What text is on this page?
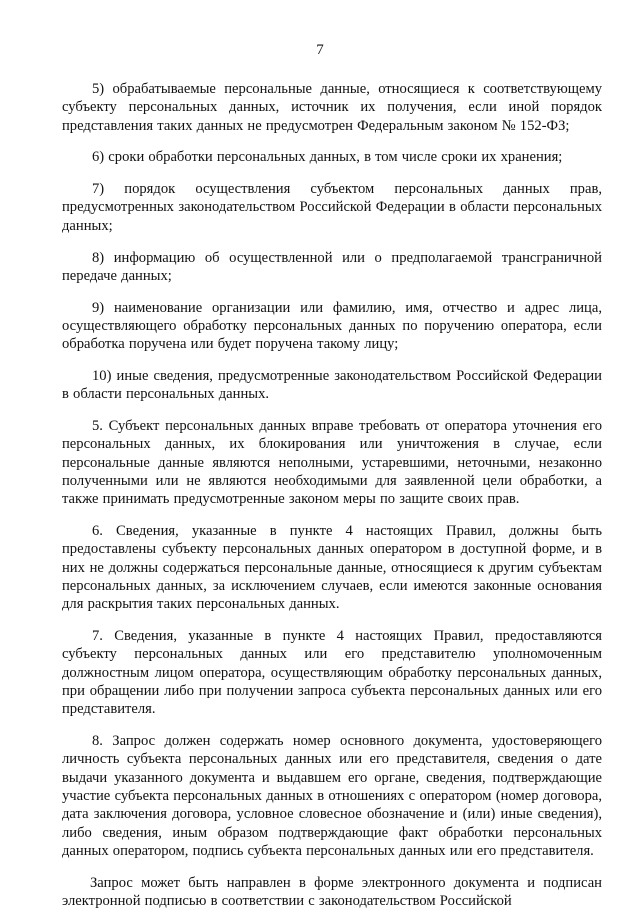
7

5) обрабатываемые персональные данные, относящиеся к соответствующему субъекту персональных данных, источник их получения, если иной порядок представления таких данных не предусмотрен Федеральным законом № 152-ФЗ;

6) сроки обработки персональных данных, в том числе сроки их хранения;

7) порядок осуществления субъектом персональных данных прав, предусмотренных законодательством Российской Федерации в области персональных данных;

8) информацию об осуществленной или о предполагаемой трансграничной передаче данных;

9) наименование организации или фамилию, имя, отчество и адрес лица, осуществляющего обработку персональных данных по поручению оператора, если обработка поручена или будет поручена такому лицу;

10) иные сведения, предусмотренные законодательством Российской Федерации в области персональных данных.

5. Субъект персональных данных вправе требовать от оператора уточнения его персональных данных, их блокирования или уничтожения в случае, если персональные данные являются неполными, устаревшими, неточными, незаконно полученными или не являются необходимыми для заявленной цели обработки, а также принимать предусмотренные законом меры по защите своих прав.

6. Сведения, указанные в пункте 4 настоящих Правил, должны быть предоставлены субъекту персональных данных оператором в доступной форме, и в них не должны содержаться персональные данные, относящиеся к другим субъектам персональных данных, за исключением случаев, если имеются законные основания для раскрытия таких персональных данных.

7. Сведения, указанные в пункте 4 настоящих Правил, предоставляются субъекту персональных данных или его представителю уполномоченным должностным лицом оператора, осуществляющим обработку персональных данных, при обращении либо при получении запроса субъекта персональных данных или его представителя.

8. Запрос должен содержать номер основного документа, удостоверяющего личность субъекта персональных данных или его представителя, сведения о дате выдачи указанного документа и выдавшем его органе, сведения, подтверждающие участие субъекта персональных данных в отношениях с оператором (номер договора, дата заключения договора, условное словесное обозначение и (или) иные сведения), либо сведения, иным образом подтверждающие факт обработки персональных данных оператором, подпись субъекта персональных данных или его представителя.

Запрос может быть направлен в форме электронного документа и подписан электронной подписью в соответствии с законодательством Российской
